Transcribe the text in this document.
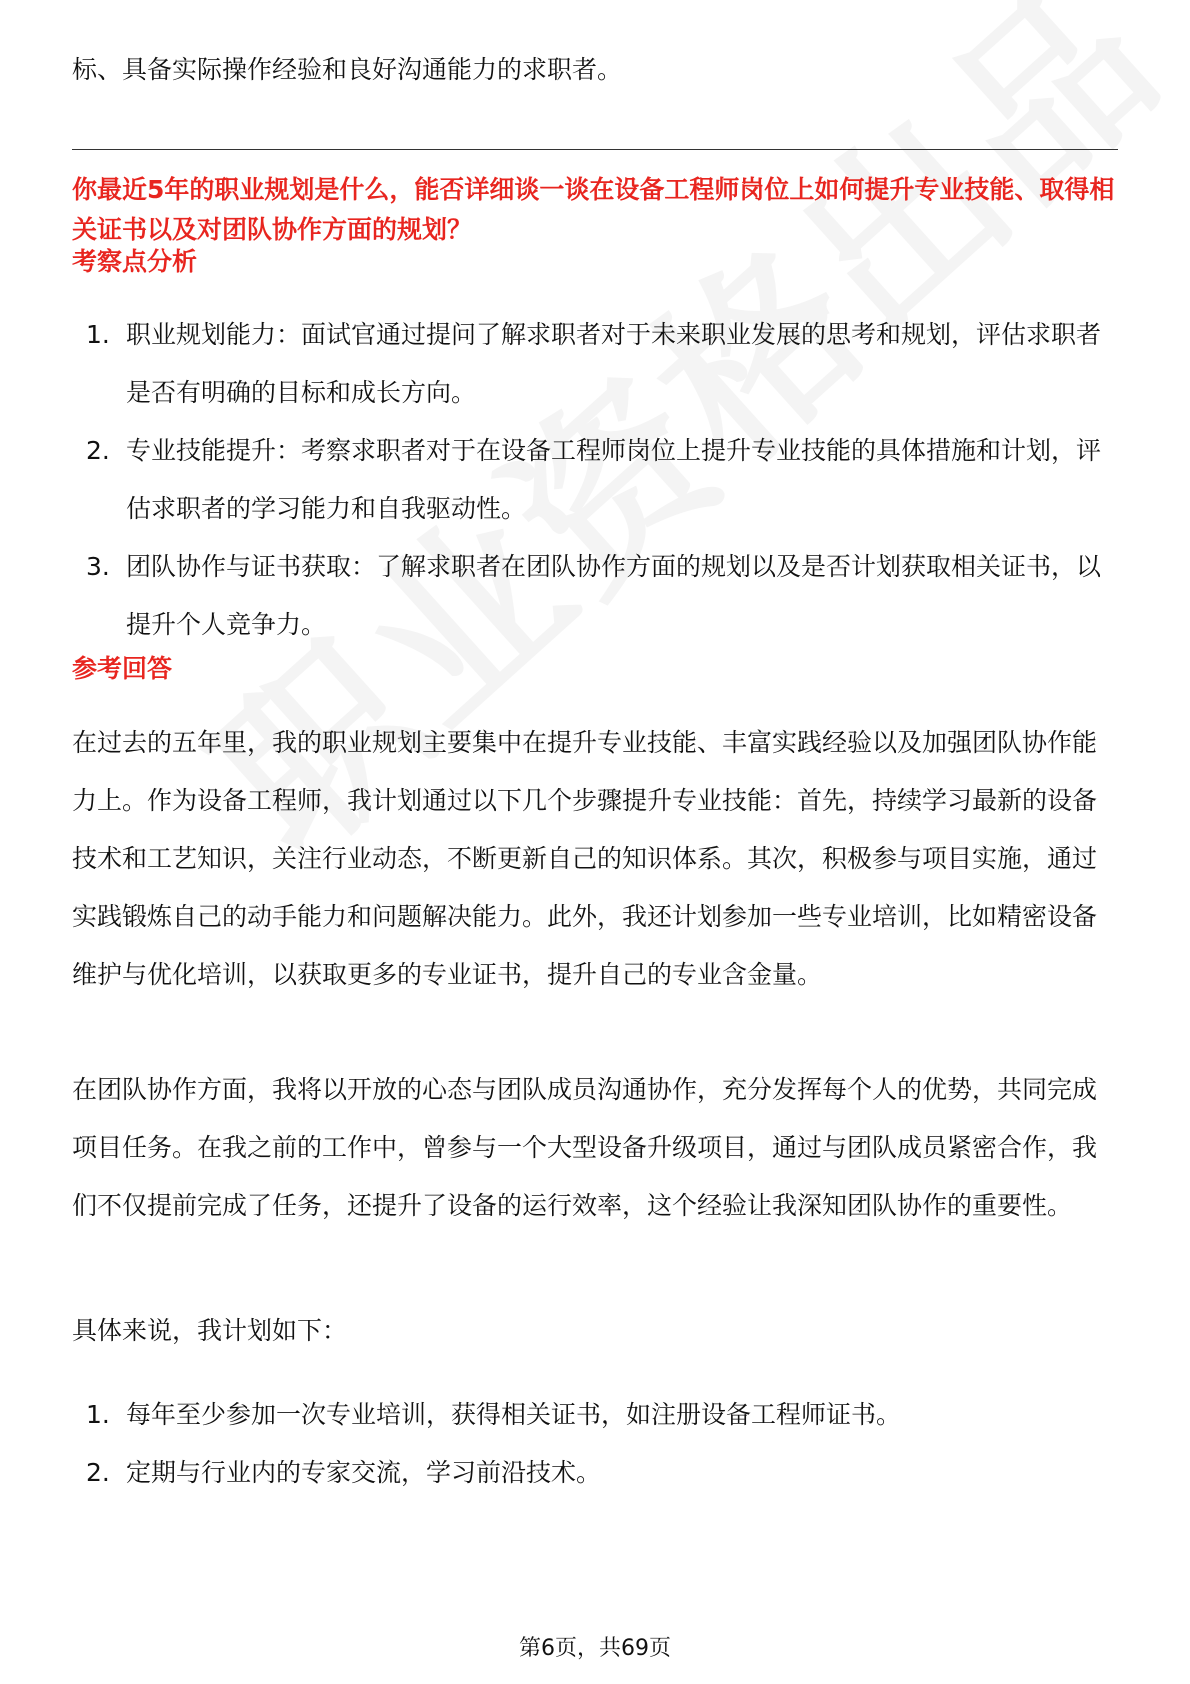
标、具备实际操作经验和良好沟通能力的求职者。
你最近5年的职业规划是什么，能否详细谈一谈在设备工程师岗位上如何提升专业技能、取得相关证书以及对团队协作方面的规划？
考察点分析
1. 职业规划能力：面试官通过提问了解求职者对于未来职业发展的思考和规划，评估求职者是否有明确的目标和成长方向。
2. 专业技能提升：考察求职者对于在设备工程师岗位上提升专业技能的具体措施和计划，评估求职者的学习能力和自我驱动性。
3. 团队协作与证书获取：了解求职者在团队协作方面的规划以及是否计划获取相关证书，以提升个人竞争力。
参考回答

在过去的五年里，我的职业规划主要集中在提升专业技能、丰富实践经验以及加强团队协作能力上。作为设备工程师，我计划通过以下几个步骤提升专业技能：首先，持续学习最新的设备技术和工艺知识，关注行业动态，不断更新自己的知识体系。其次，积极参与项目实施，通过实践锻炼自己的动手能力和问题解决能力。此外，我还计划参加一些专业培训，比如精密设备维护与优化培训，以获取更多的专业证书，提升自己的专业含金量。

在团队协作方面，我将以开放的心态与团队成员沟通协作，充分发挥每个人的优势，共同完成项目任务。在我之前的工作中，曾参与一个大型设备升级项目，通过与团队成员紧密合作，我们不仅提前完成了任务，还提升了设备的运行效率，这个经验让我深知团队协作的重要性。

具体来说，我计划如下：

1. 每年至少参加一次专业培训，获得相关证书，如注册设备工程师证书。
2. 定期与行业内的专家交流，学习前沿技术。
第6页，共69页
